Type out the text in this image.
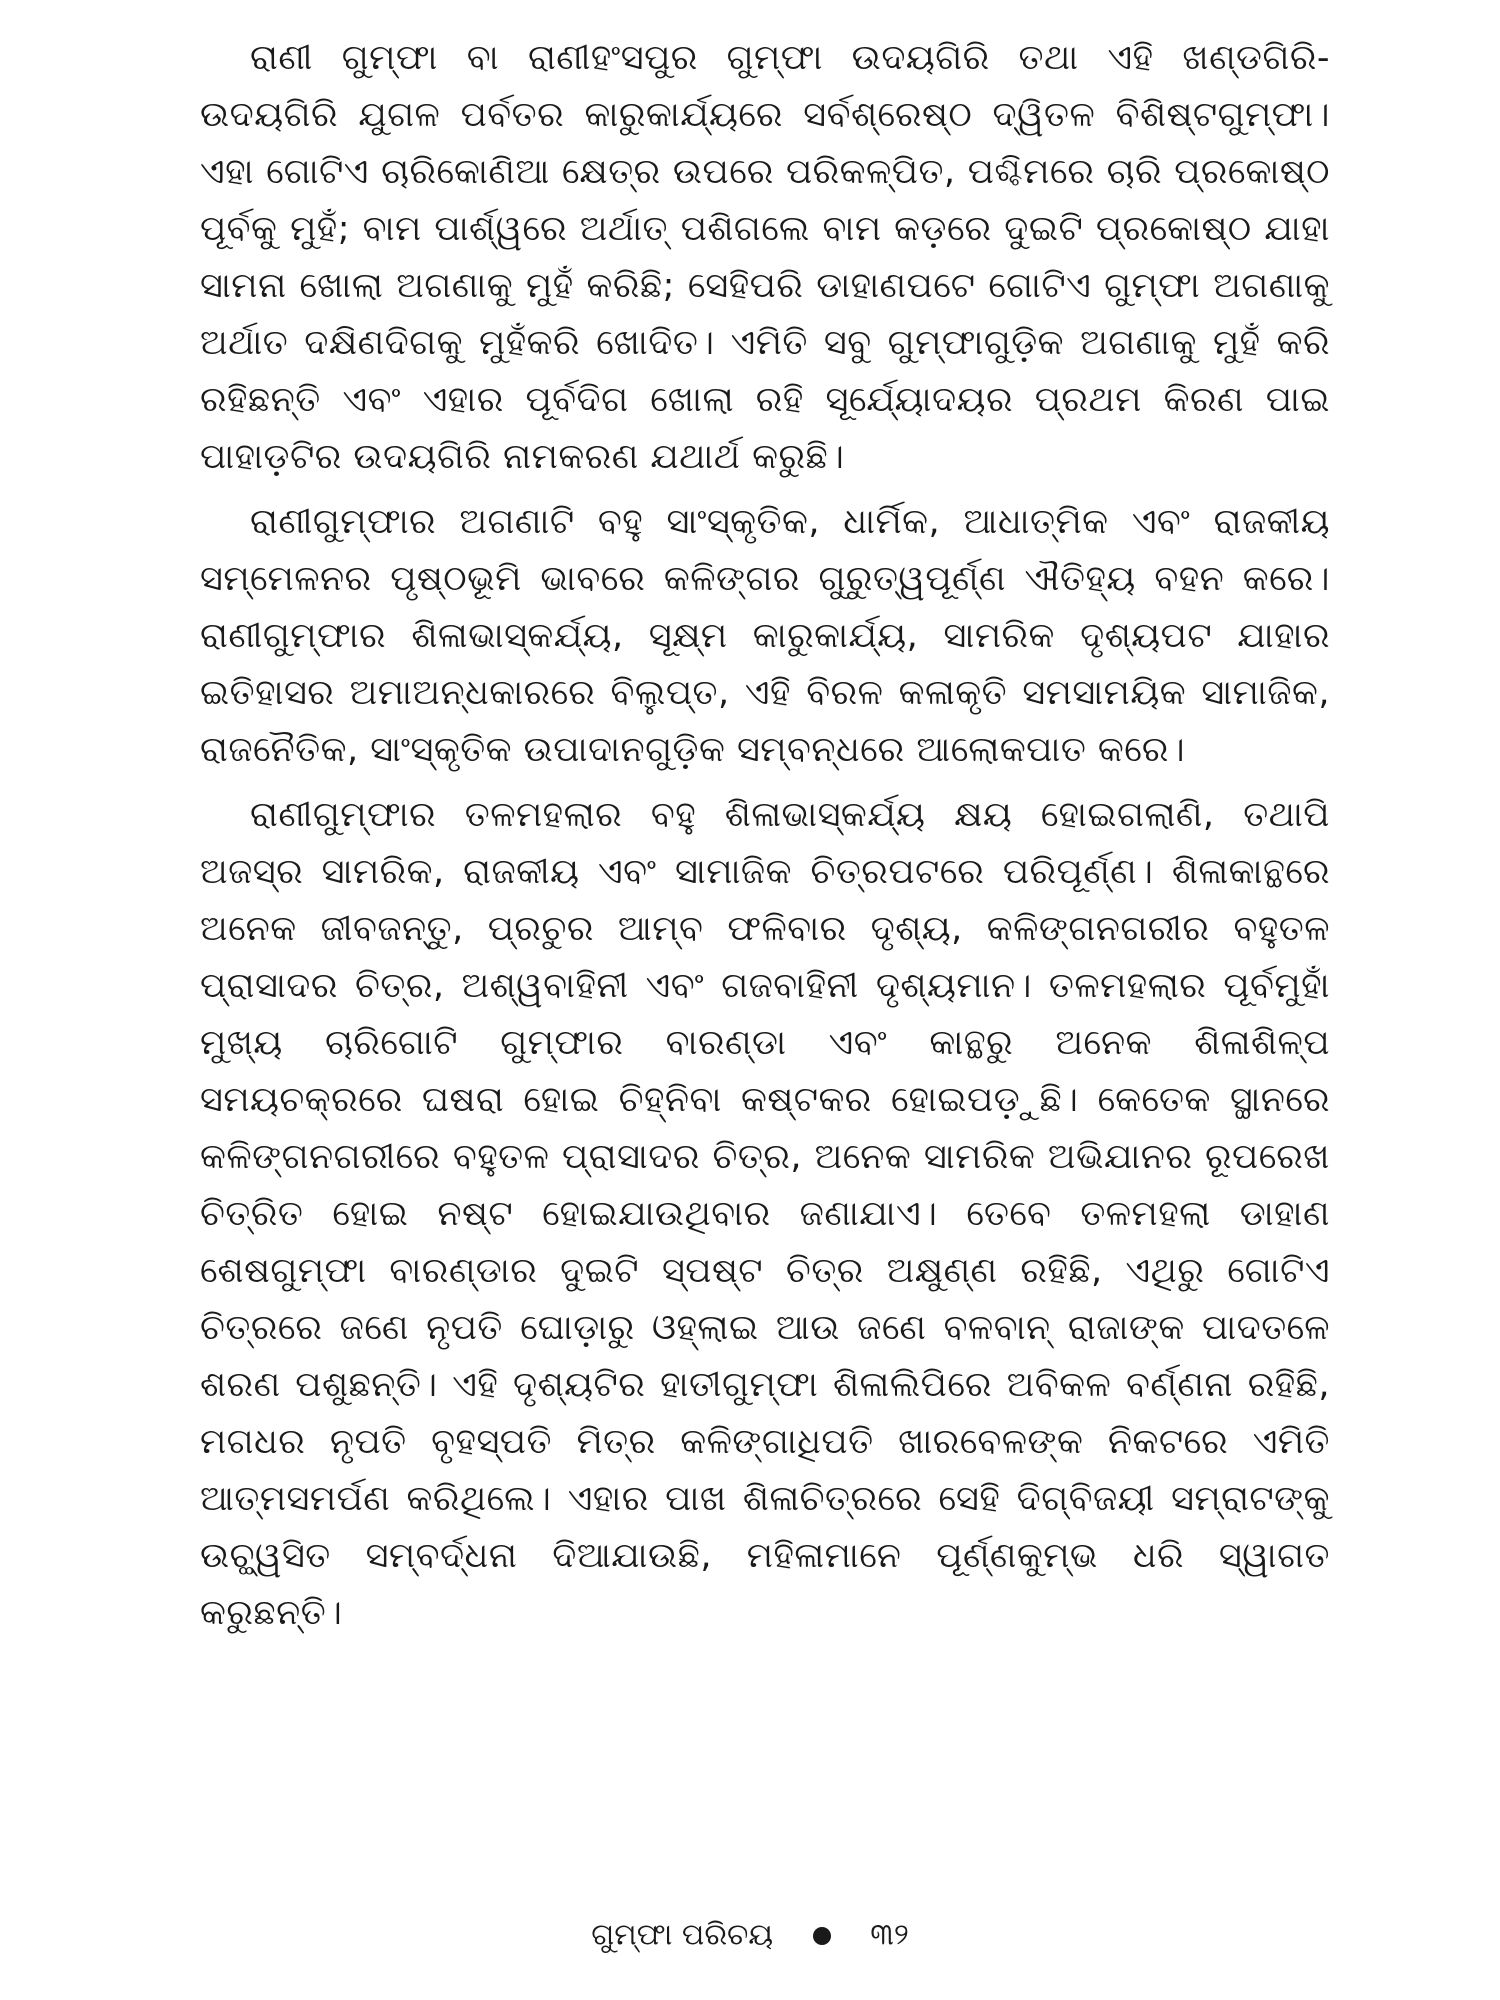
ରାଣୀ ଗୁମ୍ଫା ବା ରାଣୀହଂସପୁର ଗୁମ୍ଫା ଉଦୟଗିରି ତଥା ଏହି ଖଣ୍ଡଗିରି-ଉଦୟଗିରି ଯୁଗଳ ପର୍ବତର କାରୁକାର୍ଯ୍ୟରେ ସର୍ବଶ୍ରେଷ୍ଠ ଦ୍ୱିତଳ ବିଶିଷ୍ଟଗୁମ୍ଫା। ଏହା ଗୋଟିଏ ଚାରିକୋଣିଆ କ୍ଷେତ୍ର ଉପରେ ପରିକଳ୍ପିତ, ପଶ୍ଚିମରେ ଚାରି ପ୍ରକୋଷ୍ଠ ପୂର୍ବକୁ ମୁହଁ; ବାମ ପାର୍ଶ୍ୱରେ ଅର୍ଥାତ୍ ପଶିଗଲେ ବାମ କଡ଼ରେ ଦୁଇଟି ପ୍ରକୋଷ୍ଠ ଯାହା ସାମନା ଖୋଲା ଅଗଣାକୁ ମୁହଁ କରିଛି; ସେହିପରି ଡାହାଣପଟେ ଗୋଟିଏ ଗୁମ୍ଫା ଅଗଣାକୁ ଅର୍ଥାତ ଦକ୍ଷିଣଦିଗକୁ ମୁହଁକରି ଖୋଦିତ। ଏମିତି ସବୁ ଗୁମ୍ଫାଗୁଡ଼ିକ ଅଗଣାକୁ ମୁହଁ କରି ରହିଛନ୍ତି ଏବଂ ଏହାର ପୂର୍ବଦିଗ ଖୋଲା ରହି ସୂର୍ଯ୍ୟୋଦୟର ପ୍ରଥମ କିରଣ ପାଇ ପାହାଡ଼ଟିର ଉଦୟଗିରି ନାମକରଣ ଯଥାର୍ଥ କରୁଛି।

ରାଣୀଗୁମ୍ଫାର ଅଗଣାଟି ବହୁ ସାଂସ୍କୃତିକ, ଧାର୍ମିକ, ଆଧାତ୍ମିକ ଏବଂ ରାଜକୀୟ ସମ୍ମେଳନର ପୃଷ୍ଠଭୂମି ଭାବରେ କଳିଙ୍ଗର ଗୁରୁତ୍ୱପୂର୍ଣ୍ଣ ଐତିହ୍ୟ ବହନ କରେ। ରାଣୀଗୁମ୍ଫାର ଶିଳାଭାସ୍କର୍ଯ୍ୟ, ସୂକ୍ଷ୍ମ କାରୁକାର୍ଯ୍ୟ, ସାମରିକ ଦୃଶ୍ୟପଟ ଯାହାର ଇତିହାସର ଅମାଅନ୍ଧକାରରେ ବିଲୁପ୍ତ, ଏହି ବିରଳ କଳାକୃତି ସମସାମୟିକ ସାମାଜିକ, ରାଜନୈତିକ, ସାଂସ୍କୃତିକ ଉପାଦାନଗୁଡ଼ିକ ସମ୍ବନ୍ଧରେ ଆଲୋକପାତ କରେ।

ରାଣୀଗୁମ୍ଫାର ତଳମହଲାର ବହୁ ଶିଳାଭାସ୍କର୍ଯ୍ୟ କ୍ଷୟ ହୋଇଗଲାଣି, ତଥାପି ଅଜସ୍ର ସାମରିକ, ରାଜକୀୟ ଏବଂ ସାମାଜିକ ଚିତ୍ରପଟରେ ପରିପୂର୍ଣ୍ଣ। ଶିଳାକାନ୍ଥରେ ଅନେକ ଜୀବଜନ୍ତୁ, ପ୍ରଚୁର ଆମ୍ବ ଫଳିବାର ଦୃଶ୍ୟ, କଳିଙ୍ଗନଗରୀର ବହୁତଳ ପ୍ରାସାଦର ଚିତ୍ର, ଅଶ୍ୱବାହିନୀ ଏବଂ ଗଜବାହିନୀ ଦୃଶ୍ୟମାନ। ତଳମହଲାର ପୂର୍ବମୁହାଁ ମୁଖ୍ୟ ଚାରିଗୋଟି ଗୁମ୍ଫାର ବାରଣ୍ଡା ଏବଂ କାନ୍ଥରୁ ଅନେକ ଶିଳାଶିଳ୍ପ ସମୟଚକ୍ରରେ ଘଷରା ହୋଇ ଚିହ୍ନିବା କଷ୍ଟକର ହୋଇପଡ଼ୁଛି। କେତେକ ସ୍ଥାନରେ କଳିଙ୍ଗନଗରୀରେ ବହୁତଳ ପ୍ରାସାଦର ଚିତ୍ର, ଅନେକ ସାମରିକ ଅଭିଯାନର ରୂପରେଖ ଚିତ୍ରିତ ହୋଇ ନଷ୍ଟ ହୋଇଯାଉଥିବାର ଜଣାଯାଏ। ତେବେ ତଳମହଲା ଡାହାଣ ଶେଷଗୁମ୍ଫା ବାରଣ୍ଡାର ଦୁଇଟି ସ୍ପଷ୍ଟ ଚିତ୍ର ଅକ୍ଷୁଣ୍ଣ ରହିଛି, ଏଥିରୁ ଗୋଟିଏ ଚିତ୍ରରେ ଜଣେ ନୃପତି ଘୋଡ଼ାରୁ ଓହ୍ଲାଇ ଆଉ ଜଣେ ବଳବାନ୍ ରାଜାଙ୍କ ପାଦତଳେ ଶରଣ ପଶୁଛନ୍ତି। ଏହି ଦୃଶ୍ୟଟିର ହାତୀଗୁମ୍ଫା ଶିଳାଲିପିରେ ଅବିକଳ ବର୍ଣ୍ଣନା ରହିଛି, ମଗଧର ନୃପତି ବୃହସ୍ପତି ମିତ୍ର କଳିଙ୍ଗାଧିପତି ଖାରବେଳଙ୍କ ନିକଟରେ ଏମିତି ଆତ୍ମସମର୍ପଣ କରିଥିଲେ। ଏହାର ପାଖ ଶିଳାଚିତ୍ରରେ ସେହି ଦିଗ୍‌ବିଜୟୀ ସମ୍ରାଟଙ୍କୁ ଉଚ୍ଛ୍ୱସିତ ସମ୍ବର୍ଦ୍ଧନା ଦିଆଯାଉଛି, ମହିଳାମାନେ ପୂର୍ଣ୍ଣକୁମ୍ଭ ଧରି ସ୍ୱାଗତ କରୁଛନ୍ତି।

ଗୁମ୍ଫା ପରିଚୟ	୩୨
